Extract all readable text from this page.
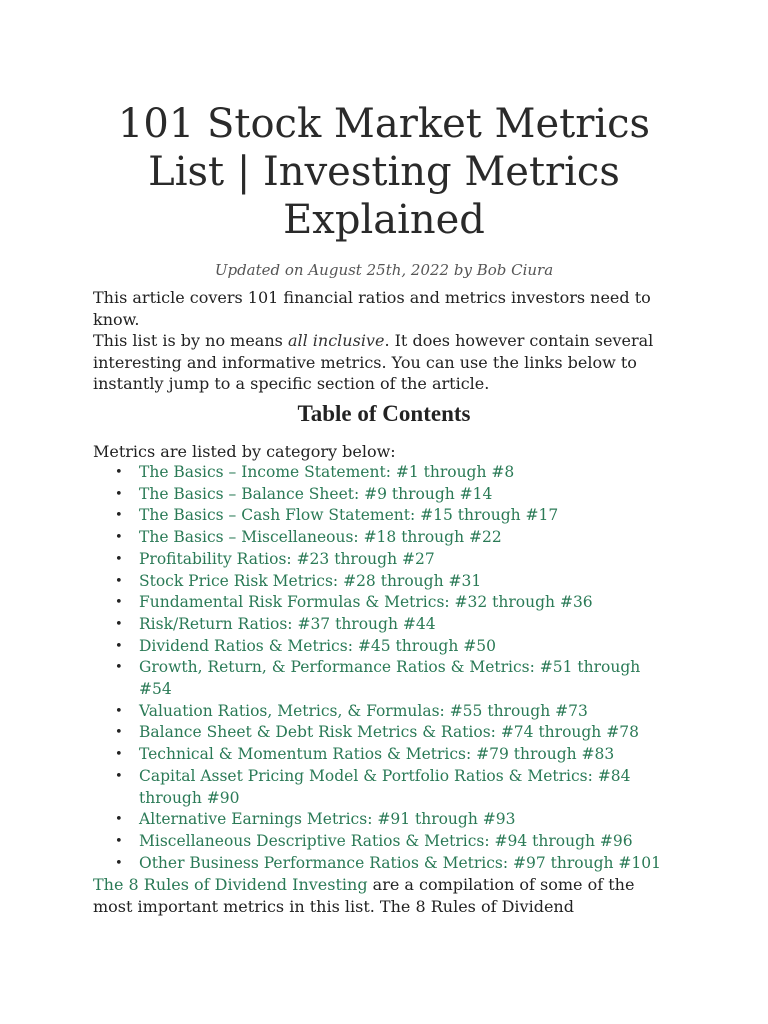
101 Stock Market Metrics List | Investing Metrics Explained
Updated on August 25th, 2022 by Bob Ciura

This article covers 101 financial ratios and metrics investors need to know.

This list is by no means all inclusive. It does however contain several interesting and informative metrics. You can use the links below to instantly jump to a specific section of the article.

Table of Contents

Metrics are listed by category below:

• The Basics – Income Statement: #1 through #8
• The Basics – Balance Sheet: #9 through #14
• The Basics – Cash Flow Statement: #15 through #17
• The Basics – Miscellaneous: #18 through #22
• Profitability Ratios: #23 through #27
• Stock Price Risk Metrics: #28 through #31
• Fundamental Risk Formulas & Metrics: #32 through #36
• Risk/Return Ratios: #37 through #44
• Dividend Ratios & Metrics: #45 through #50
• Growth, Return, & Performance Ratios & Metrics: #51 through #54
• Valuation Ratios, Metrics, & Formulas: #55 through #73
• Balance Sheet & Debt Risk Metrics & Ratios: #74 through #78
• Technical & Momentum Ratios & Metrics: #79 through #83
• Capital Asset Pricing Model & Portfolio Ratios & Metrics: #84 through #90
• Alternative Earnings Metrics: #91 through #93
• Miscellaneous Descriptive Ratios & Metrics: #94 through #96
• Other Business Performance Ratios & Metrics: #97 through #101

The 8 Rules of Dividend Investing are a compilation of some of the most important metrics in this list. The 8 Rules of Dividend
